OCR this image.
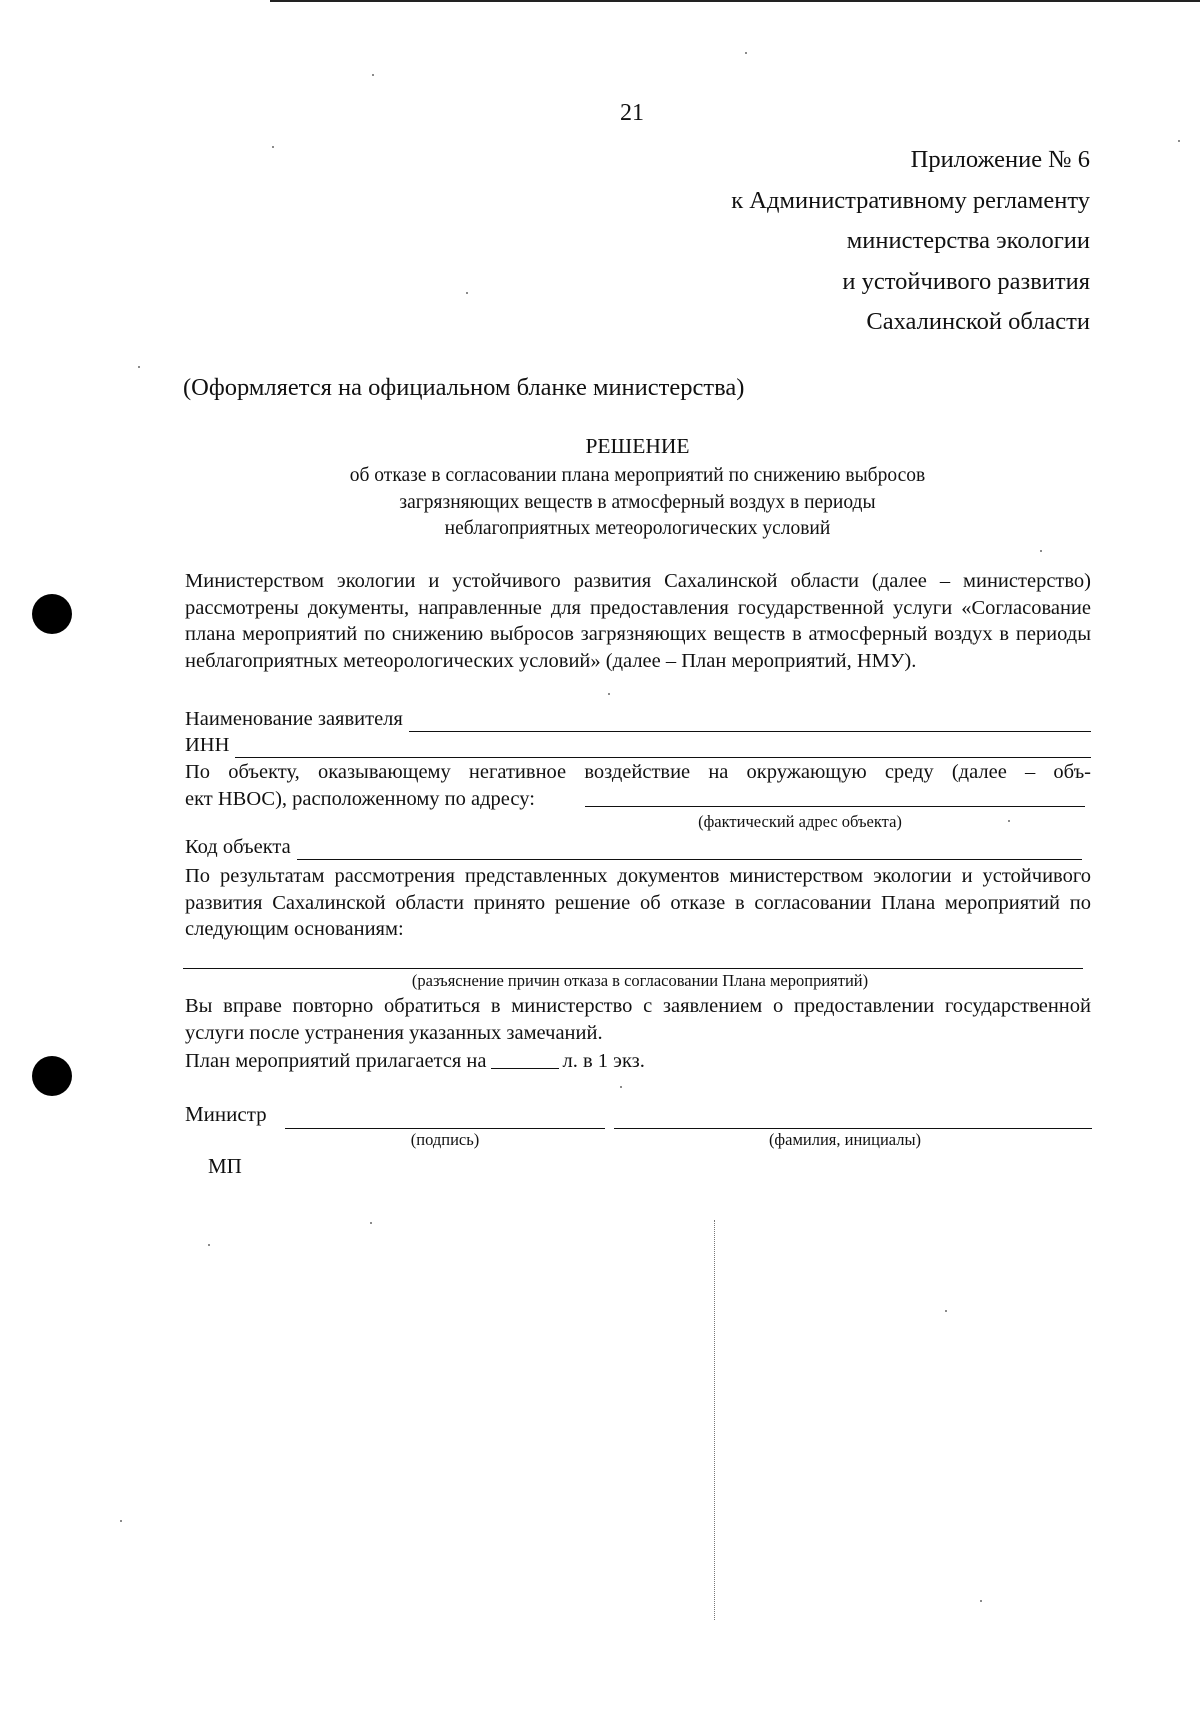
21
Приложение № 6
к Административному регламенту
министерства экологии
и устойчивого развития
Сахалинской области
(Оформляется на официальном бланке министерства)
РЕШЕНИЕ
об отказе в согласовании плана мероприятий по снижению выбросов
загрязняющих веществ в атмосферный воздух в периоды
неблагоприятных метеорологических условий
Министерством экологии и устойчивого развития Сахалинской области (далее – министерство) рассмотрены документы, направленные для предоставления государственной услуги «Согласование плана мероприятий по снижению выбросов загрязняющих веществ в атмосферный воздух в периоды неблагоприятных метеорологических условий» (далее – План мероприятий, НМУ).
Наименование заявителя
ИНН
По объекту, оказывающему негативное воздействие на окружающую среду (далее – объ-
ект НВОС), расположенному по адресу:
(фактический адрес объекта)
Код объекта
По результатам рассмотрения представленных документов министерством экологии и устойчивого развития Сахалинской области принято решение об отказе в согласовании Плана мероприятий по следующим основаниям:
(разъяснение причин отказа в согласовании Плана мероприятий)
Вы вправе повторно обратиться в министерство с заявлением о предоставлении государственной услуги после устранения указанных замечаний.
План мероприятий прилагается на	л. в 1 экз.
Министр
(подпись)	(фамилия, инициалы)
МП
